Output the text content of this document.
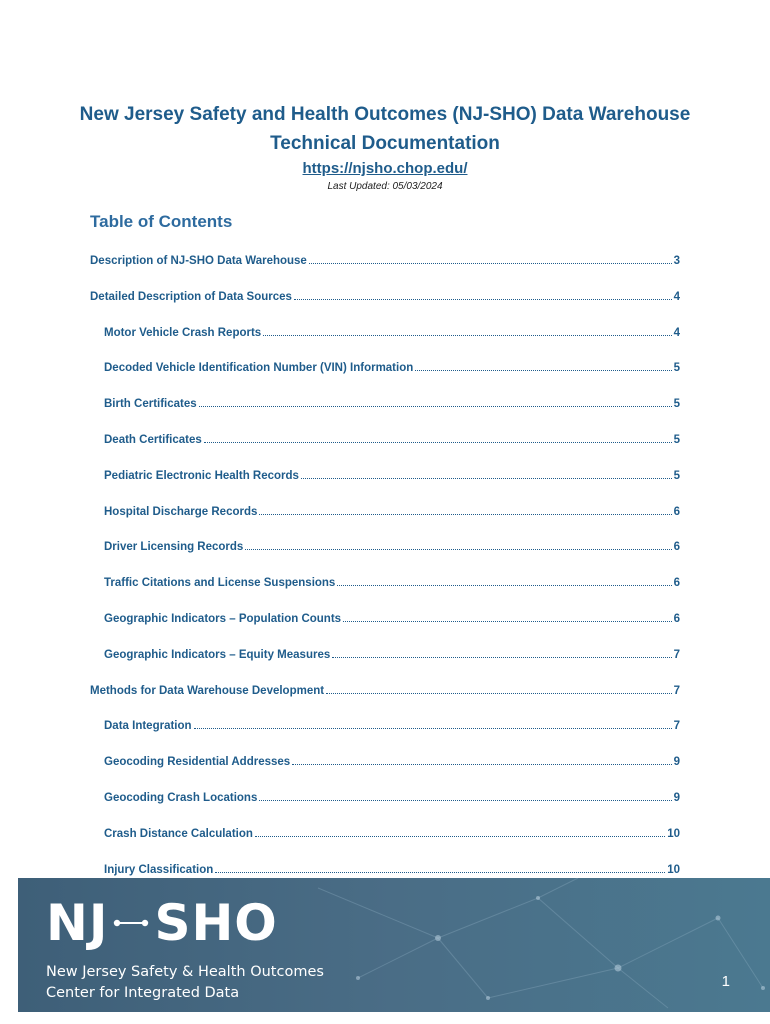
New Jersey Safety and Health Outcomes (NJ-SHO) Data Warehouse Technical Documentation
https://njsho.chop.edu/
Last Updated: 05/03/2024
Table of Contents
Description of NJ-SHO Data Warehouse	3
Detailed Description of Data Sources	4
Motor Vehicle Crash Reports	4
Decoded Vehicle Identification Number (VIN) Information	5
Birth Certificates	5
Death Certificates	5
Pediatric Electronic Health Records	5
Hospital Discharge Records	6
Driver Licensing Records	6
Traffic Citations and License Suspensions	6
Geographic Indicators – Population Counts	6
Geographic Indicators – Equity Measures	7
Methods for Data Warehouse Development	7
Data Integration	7
Geocoding Residential Addresses	9
Geocoding Crash Locations	9
Crash Distance Calculation	10
Injury Classification	10
NJ SHO
New Jersey Safety & Health Outcomes
Center for Integrated Data
1
